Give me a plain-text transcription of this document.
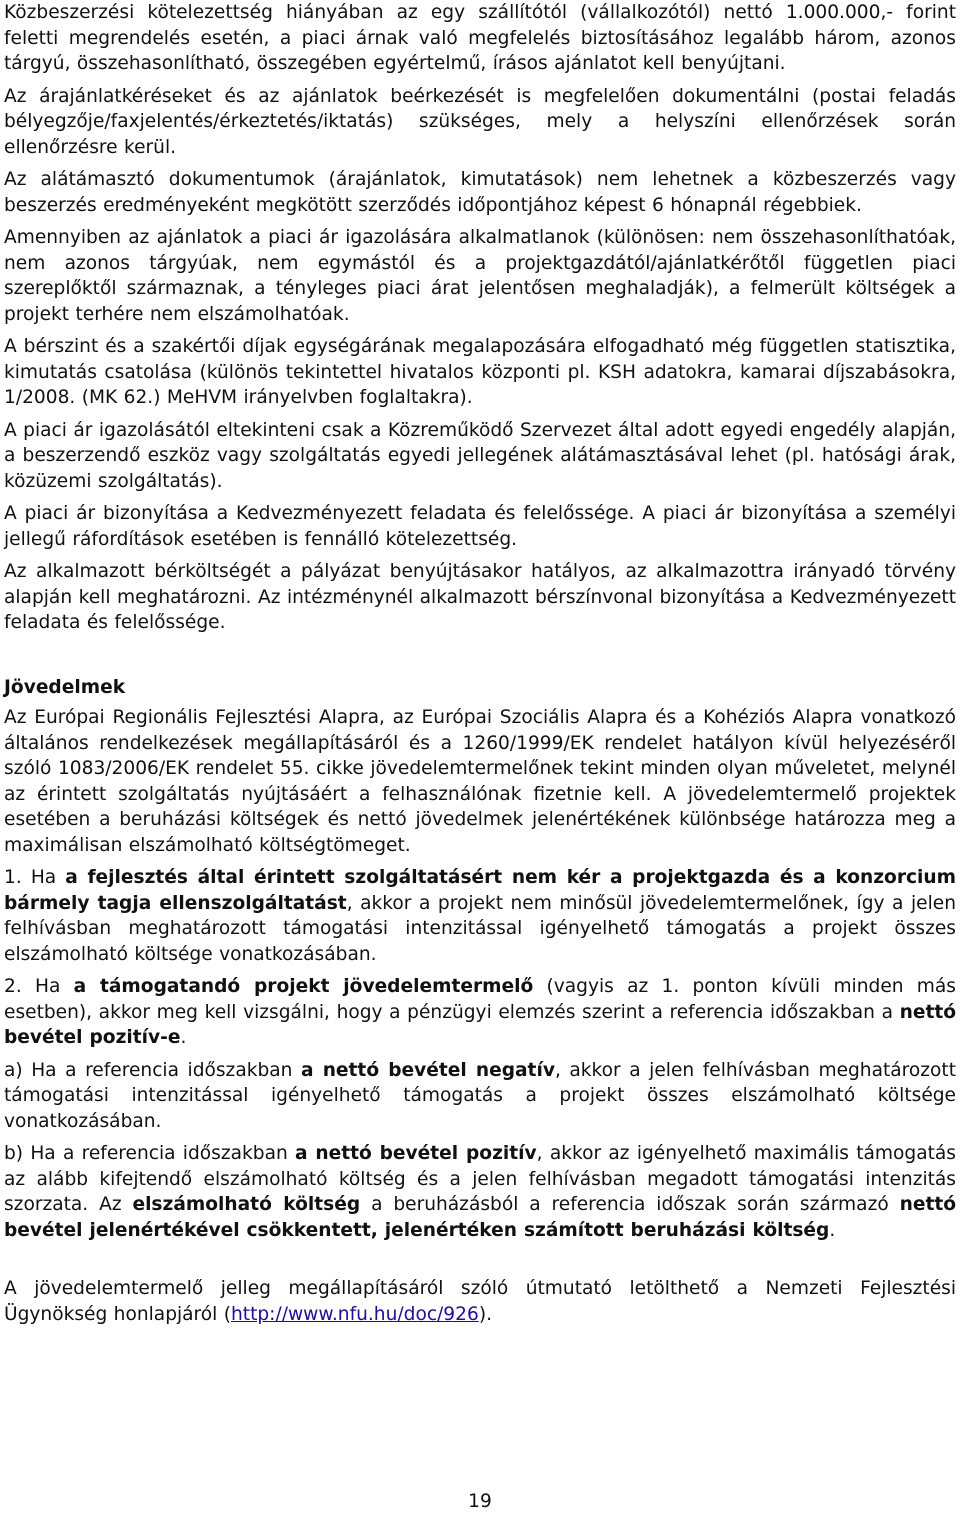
Közbeszerzési kötelezettség hiányában az egy szállítótól (vállalkozótól) nettó 1.000.000,- forint feletti megrendelés esetén, a piaci árnak való megfelelés biztosításához legalább három, azonos tárgyú, összehasonlítható, összegében egyértelmű, írásos ajánlatot kell benyújtani.

Az árajánlatkéréseket és az ajánlatok beérkezését is megfelelően dokumentálni (postai feladás bélyegzője/faxjelentés/érkeztetés/iktatás) szükséges, mely a helyszíni ellenőrzések során ellenőrzésre kerül.

Az alátámasztó dokumentumok (árajánlatok, kimutatások) nem lehetnek a közbeszerzés vagy beszerzés eredményeként megkötött szerződés időpontjához képest 6 hónapnál régebbiek.

Amennyiben az ajánlatok a piaci ár igazolására alkalmatlanok (különösen: nem összehasonlíthatóak, nem azonos tárgyúak, nem egymástól és a projektgazdától/ajánlatkérőtől független piaci szereplőktől származnak, a tényleges piaci árat jelentősen meghaladják), a felmerült költségek a projekt terhére nem elszámolhatóak.

A bérszint és a szakértői díjak egységárának megalapozására elfogadható még független statisztika, kimutatás csatolása (különös tekintettel hivatalos központi pl. KSH adatokra, kamarai díjszabásokra, 1/2008. (MK 62.) MeHVM irányelvben foglaltakra).

A piaci ár igazolásától eltekinteni csak a Közreműködő Szervezet által adott egyedi engedély alapján, a beszerzendő eszköz vagy szolgáltatás egyedi jellegének alátámasztásával lehet (pl. hatósági árak, közüzemi szolgáltatás).

A piaci ár bizonyítása a Kedvezményezett feladata és felelőssége. A piaci ár bizonyítása a személyi jellegű ráfordítások esetében is fennálló kötelezettség.

Az alkalmazott bérköltségét a pályázat benyújtásakor hatályos, az alkalmazottra irányadó törvény alapján kell meghatározni. Az intézménynél alkalmazott bérszínvonal bizonyítása a Kedvezményezett feladata és felelőssége.

Jövedelmek

Az Európai Regionális Fejlesztési Alapra, az Európai Szociális Alapra és a Kohéziós Alapra vonatkozó általános rendelkezések megállapításáról és a 1260/1999/EK rendelet hatályon kívül helyezéséről szóló 1083/2006/EK rendelet 55. cikke jövedelemtermelőnek tekint minden olyan műveletet, melynél az érintett szolgáltatás nyújtásáért a felhasználónak fizetnie kell. A jövedelemtermelő projektek esetében a beruházási költségek és nettó jövedelmek jelenértékének különbsége határozza meg a maximálisan elszámolható költségtömeget.

1. Ha a fejlesztés által érintett szolgáltatásért nem kér a projektgazda és a konzorcium bármely tagja ellenszolgáltatást, akkor a projekt nem minősül jövedelemtermelőnek, így a jelen felhívásban meghatározott támogatási intenzitással igényelhető támogatás a projekt összes elszámolható költsége vonatkozásában.

2. Ha a támogatandó projekt jövedelemtermelő (vagyis az 1. ponton kívüli minden más esetben), akkor meg kell vizsgálni, hogy a pénzügyi elemzés szerint a referencia időszakban a nettó bevétel pozitív-e.

a) Ha a referencia időszakban a nettó bevétel negatív, akkor a jelen felhívásban meghatározott támogatási intenzitással igényelhető támogatás a projekt összes elszámolható költsége vonatkozásában.

b) Ha a referencia időszakban a nettó bevétel pozitív, akkor az igényelhető maximális támogatás az alább kifejtendő elszámolható költség és a jelen felhívásban megadott támogatási intenzitás szorzata. Az elszámolható költség a beruházásból a referencia időszak során származó nettó bevétel jelenértékével csökkentett, jelenértéken számított beruházási költség.

A jövedelemtermelő jelleg megállapításáról szóló útmutató letölthető a Nemzeti Fejlesztési Ügynökség honlapjáról (http://www.nfu.hu/doc/926).

19
